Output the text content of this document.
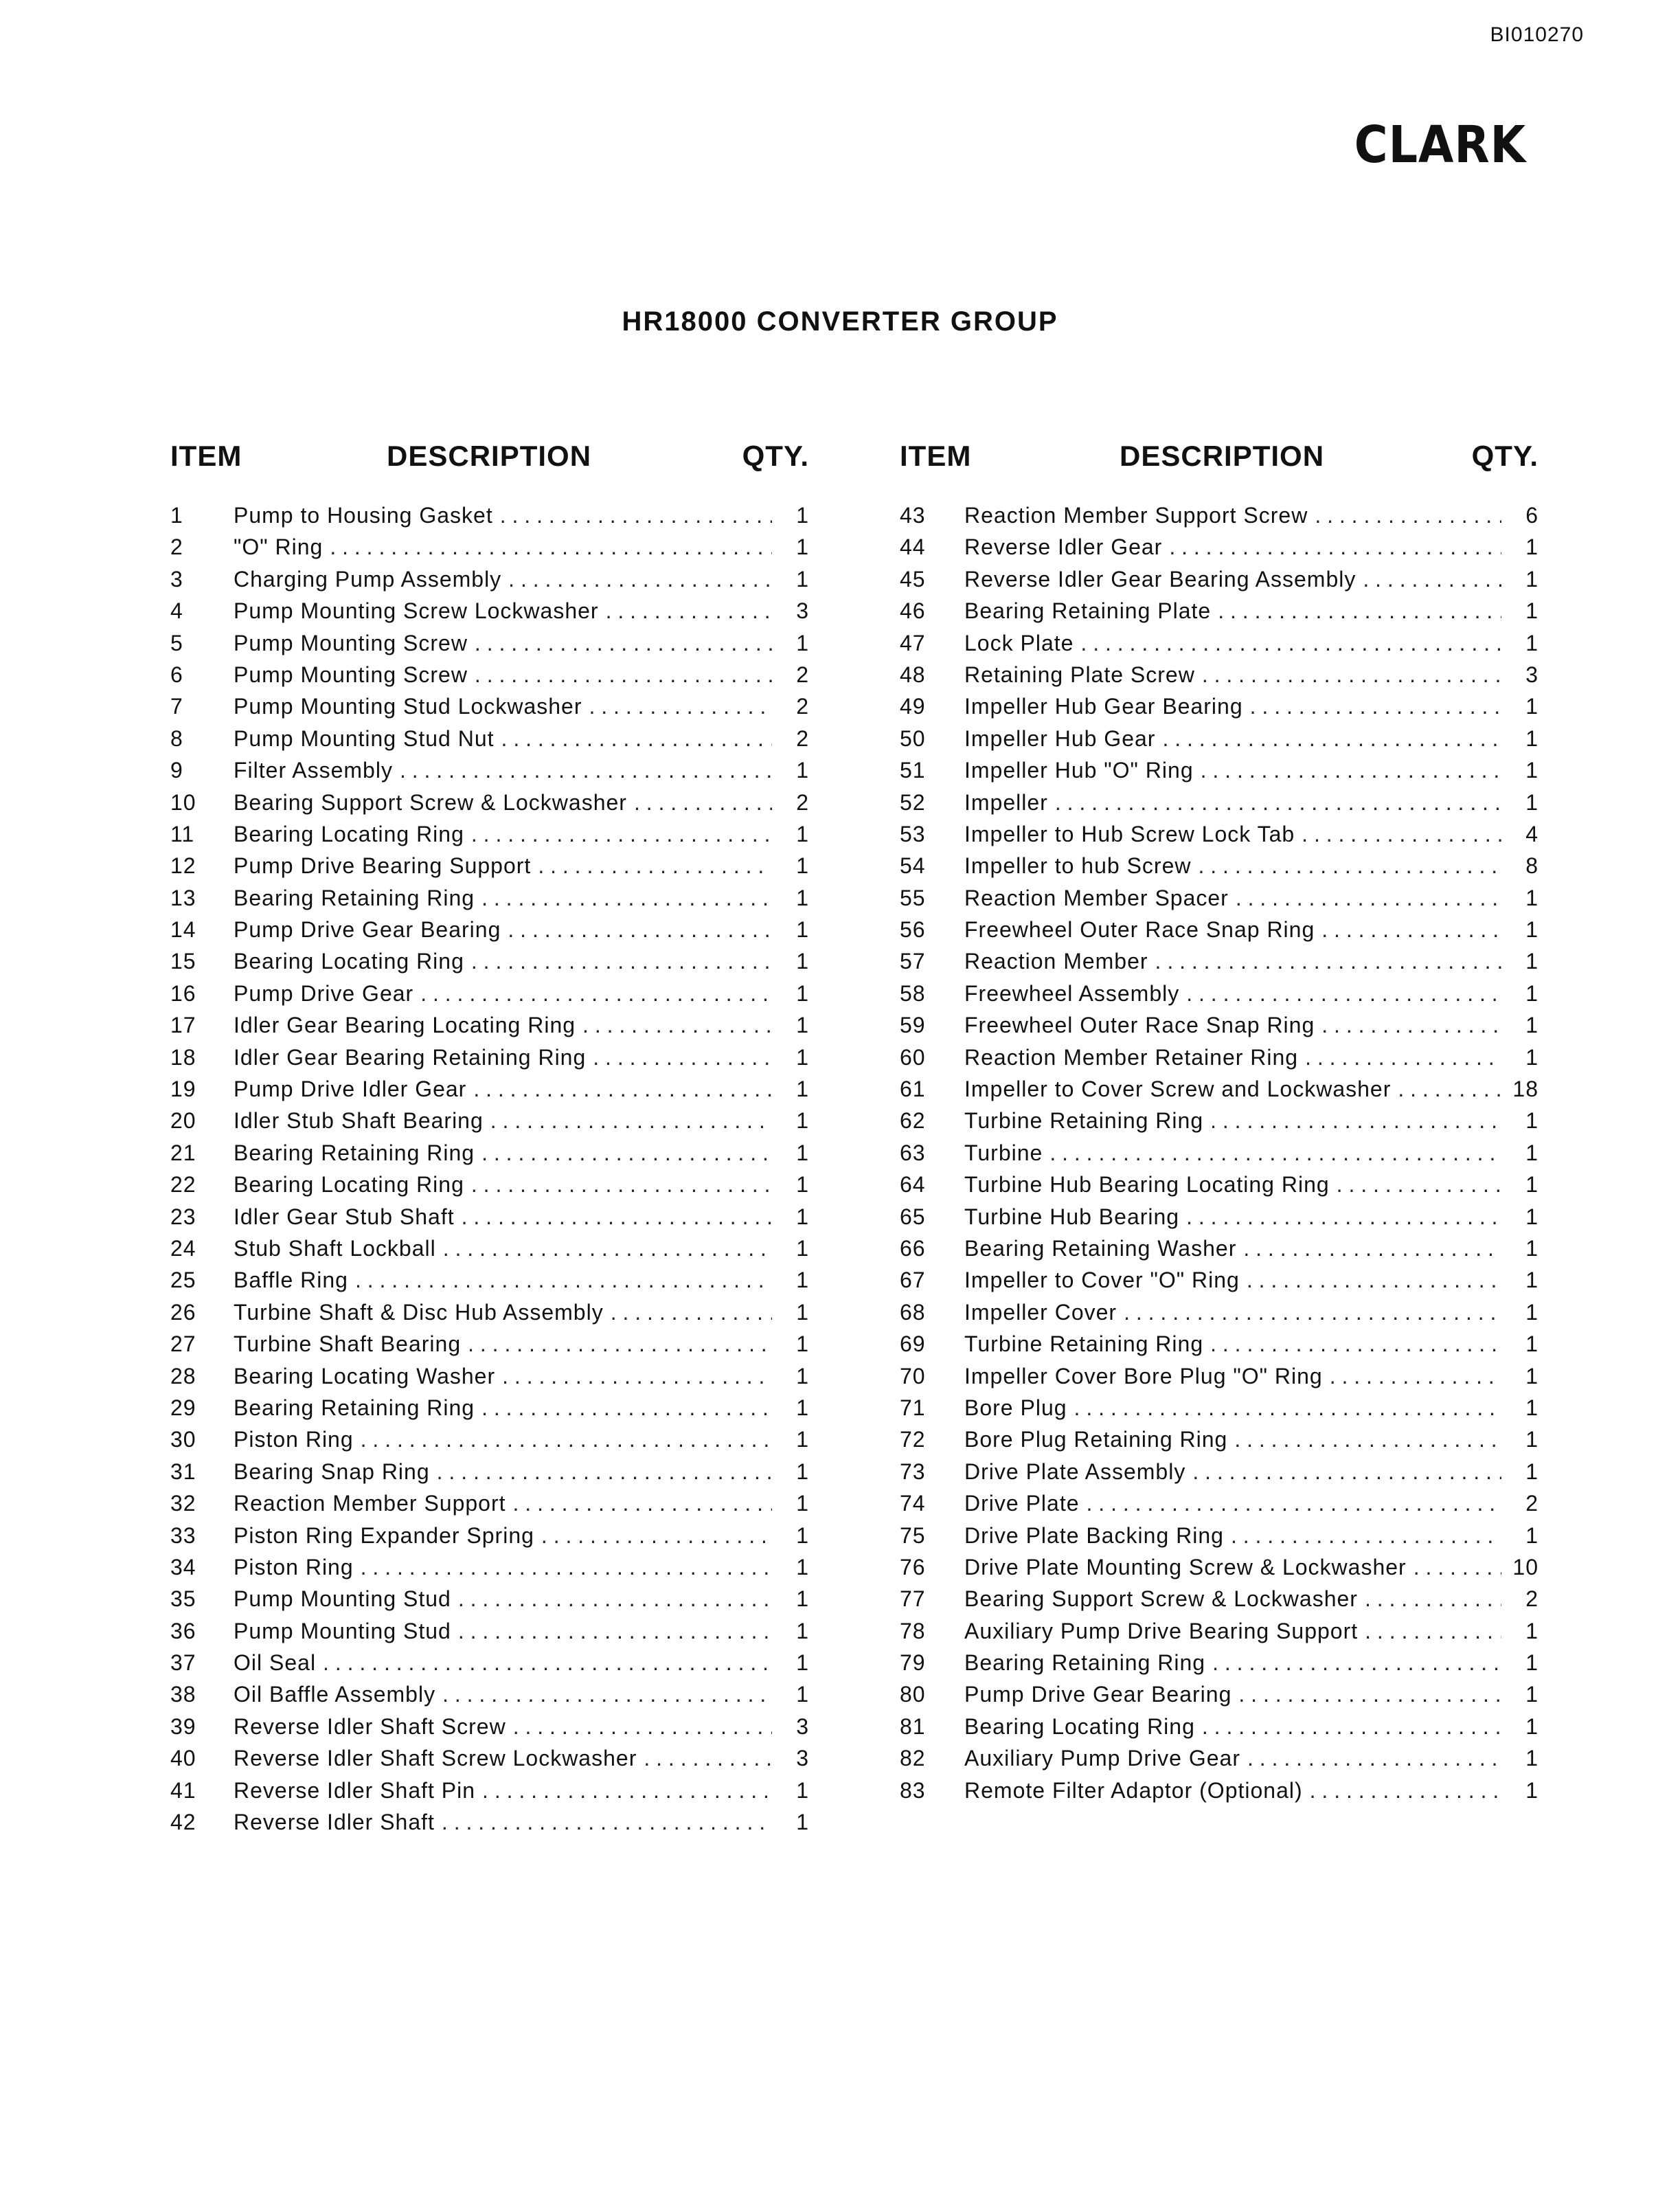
BI010270
CLARK
HR18000 CONVERTER GROUP
ITEM	DESCRIPTION	QTY.
1	Pump to Housing Gasket . . .	1
2	"O" Ring . . .	1
3	Charging Pump Assembly . . .	1
4	Pump Mounting Screw Lockwasher . . .	3
5	Pump Mounting Screw . . .	1
6	Pump Mounting Screw . . .	2
7	Pump Mounting Stud Lockwasher . . .	2
8	Pump Mounting Stud Nut . . .	2
9	Filter Assembly . . .	1
10	Bearing Support Screw & Lockwasher . . .	2
11	Bearing Locating Ring . . .	1
12	Pump Drive Bearing Support . . .	1
13	Bearing Retaining Ring . . .	1
14	Pump Drive Gear Bearing . . .	1
15	Bearing Locating Ring . . .	1
16	Pump Drive Gear . . .	1
17	Idler Gear Bearing Locating Ring . . .	1
18	Idler Gear Bearing Retaining Ring . . .	1
19	Pump Drive Idler Gear . . .	1
20	Idler Stub Shaft Bearing . . .	1
21	Bearing Retaining Ring . . .	1
22	Bearing Locating Ring . . .	1
23	Idler Gear Stub Shaft . . .	1
24	Stub Shaft Lockball . . .	1
25	Baffle Ring . . .	1
26	Turbine Shaft & Disc Hub Assembly . . .	1
27	Turbine Shaft Bearing . . .	1
28	Bearing Locating Washer . . .	1
29	Bearing Retaining Ring . . .	1
30	Piston Ring . . .	1
31	Bearing Snap Ring . . .	1
32	Reaction Member Support . . .	1
33	Piston Ring Expander Spring . . .	1
34	Piston Ring . . .	1
35	Pump Mounting Stud . . .	1
36	Pump Mounting Stud . . .	1
37	Oil Seal . . .	1
38	Oil Baffle Assembly . . .	1
39	Reverse Idler Shaft Screw . . .	3
40	Reverse Idler Shaft Screw Lockwasher . . .	3
41	Reverse Idler Shaft Pin . . .	1
42	Reverse Idler Shaft . . .	1
ITEM	DESCRIPTION	QTY.
43	Reaction Member Support Screw . . .	6
44	Reverse Idler Gear . . .	1
45	Reverse Idler Gear Bearing Assembly . . .	1
46	Bearing Retaining Plate . . .	1
47	Lock Plate . . .	1
48	Retaining Plate Screw . . .	3
49	Impeller Hub Gear Bearing . . .	1
50	Impeller Hub Gear . . .	1
51	Impeller Hub "O" Ring . . .	1
52	Impeller . . .	1
53	Impeller to Hub Screw Lock Tab . . .	4
54	Impeller to hub Screw . . .	8
55	Reaction Member Spacer . . .	1
56	Freewheel Outer Race Snap Ring . . .	1
57	Reaction Member . . .	1
58	Freewheel Assembly . . .	1
59	Freewheel Outer Race Snap Ring . . .	1
60	Reaction Member Retainer Ring . . .	1
61	Impeller to Cover Screw and Lockwasher . . .	18
62	Turbine Retaining Ring . . .	1
63	Turbine . . .	1
64	Turbine Hub Bearing Locating Ring . . .	1
65	Turbine Hub Bearing . . .	1
66	Bearing Retaining Washer . . .	1
67	Impeller to Cover "O" Ring . . .	1
68	Impeller Cover . . .	1
69	Turbine Retaining Ring . . .	1
70	Impeller Cover Bore Plug "O" Ring . . .	1
71	Bore Plug . . .	1
72	Bore Plug Retaining Ring . . .	1
73	Drive Plate Assembly . . .	1
74	Drive Plate . . .	2
75	Drive Plate Backing Ring . . .	1
76	Drive Plate Mounting Screw & Lockwasher . . .	10
77	Bearing Support Screw & Lockwasher . . .	2
78	Auxiliary Pump Drive Bearing Support . . .	1
79	Bearing Retaining Ring . . .	1
80	Pump Drive Gear Bearing . . .	1
81	Bearing Locating Ring . . .	1
82	Auxiliary Pump Drive Gear . . .	1
83	Remote Filter Adaptor (Optional) . . .	1
